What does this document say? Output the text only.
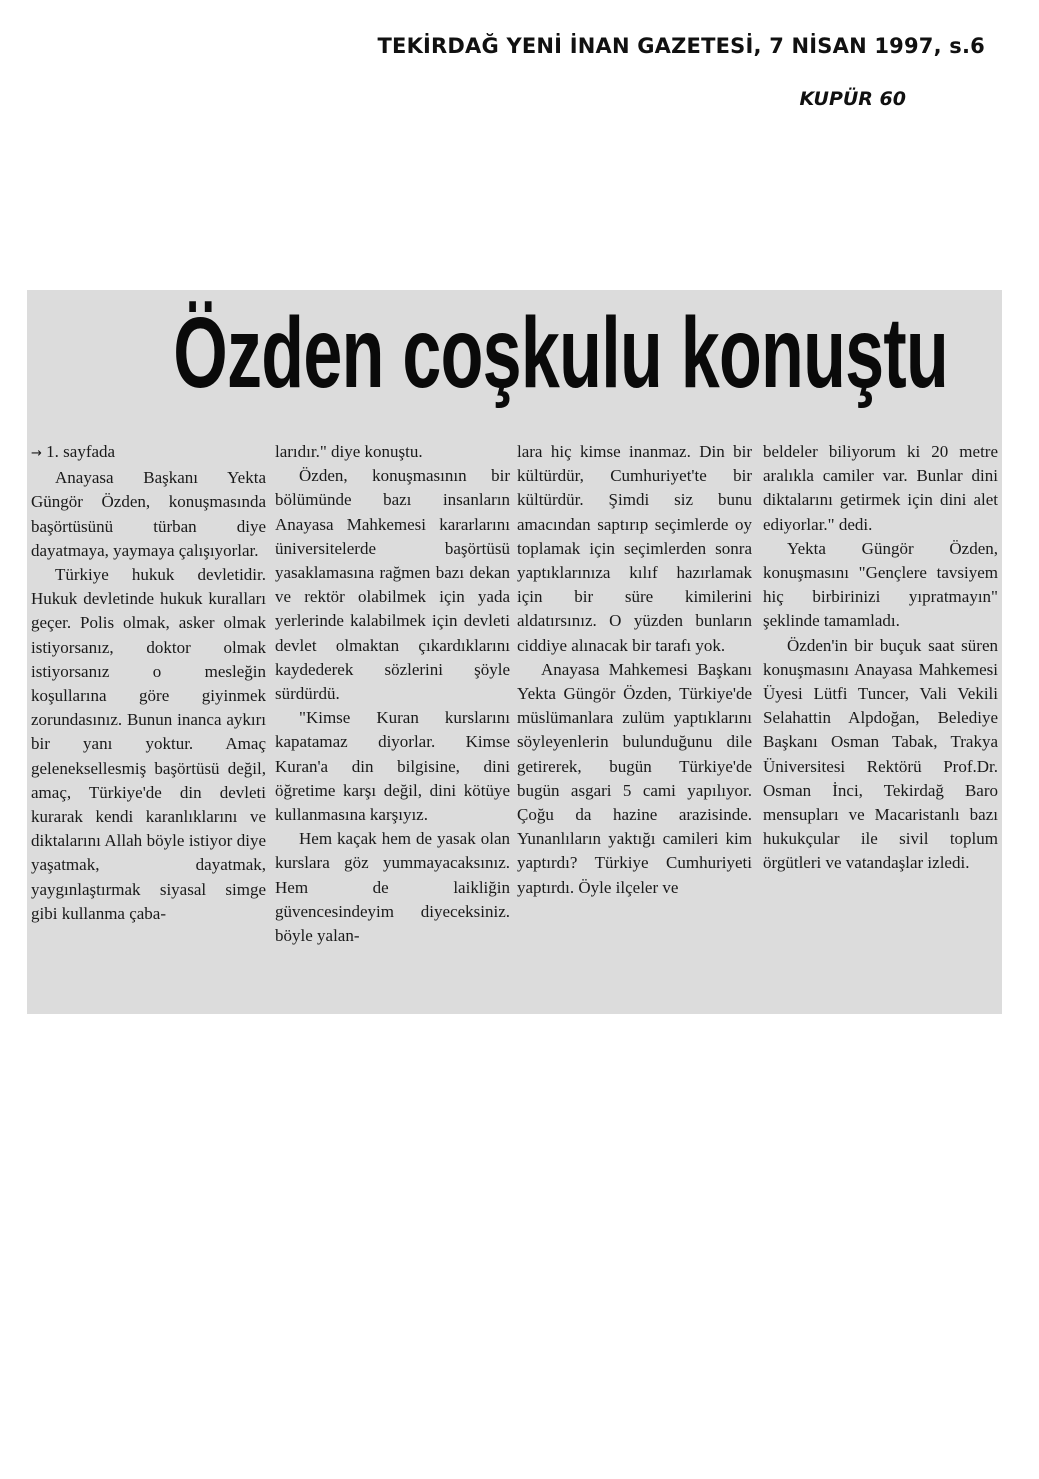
TEKİRDAĞ YENİ İNAN GAZETESİ, 7 NİSAN 1997, s.6
KUPÜR 60
Özden coşkulu konuştu

→ 1. sayfada

Anayasa Başkanı Yekta Güngör Özden, konuşmasında başörtüsünü türban diye dayatmaya, yaymaya çalışıyorlar.

Türkiye hukuk devletidir. Hukuk devletinde hukuk kuralları geçer. Polis olmak, asker olmak istiyorsanız, doktor olmak istiyorsanız o mesleğin koşullarına göre giyinmek zorundasınız. Bunun inanca aykırı bir yanı yoktur. Amaç geleneksellesmiş başörtüsü değil, amaç, Türkiye'de din devleti kurarak kendi karanlıklarını ve diktalarını Allah böyle istiyor diye yaşatmak, dayatmak, yaygınlaştırmak siyasal simge gibi kullanma çaba-

larıdır." diye konuştu.

Özden, konuşmasının bir bölümünde bazı insanların Anayasa Mahkemesi kararlarını üniversitelerde başörtüsü yasaklamasına rağmen bazı dekan ve rektör olabilmek için yada yerlerinde kalabilmek için devleti devlet olmaktan çıkardıklarını kaydederek sözlerini şöyle sürdürdü.

"Kimse Kuran kurslarını kapatamaz diyorlar. Kimse Kuran'a din bilgisine, dini öğretime karşı değil, dini kötüye kullanmasına karşıyız.

Hem kaçak hem de yasak olan kurslara göz yummayacaksınız. Hem de laikliğin güvencesindeyim diyeceksiniz. böyle yalan-

lara hiç kimse inanmaz. Din bir kültürdür, Cumhuriyet'te bir kültürdür. Şimdi siz bunu amacından saptırıp seçimlerde oy toplamak için seçimlerden sonra yaptıklarınıza kılıf hazırlamak için bir süre kimilerini aldatırsınız. O yüzden bunların ciddiye alınacak bir tarafı yok.

Anayasa Mahkemesi Başkanı Yekta Güngör Özden, Türkiye'de müslümanlara zulüm yaptıklarını söyleyenlerin bulunduğunu dile getirerek, bugün Türkiye'de bugün asgari 5 cami yapılıyor. Çoğu da hazine arazisinde. Yunanlıların yaktığı camileri kim yaptırdı? Türkiye Cumhuriyeti yaptırdı. Öyle ilçeler ve

beldeler biliyorum ki 20 metre aralıkla camiler var. Bunlar dini diktalarını getirmek için dini alet ediyorlar." dedi.

Yekta Güngör Özden, konuşmasını "Gençlere tavsiyem hiç birbirinizi yıpratmayın" şeklinde tamamladı.

Özden'in bir buçuk saat süren konuşmasını Anayasa Mahkemesi Üyesi Lütfi Tuncer, Vali Vekili Selahattin Alpdoğan, Belediye Başkanı Osman Tabak, Trakya Üniversitesi Rektörü Prof.Dr. Osman İnci, Tekirdağ Baro mensupları ve Macaristanlı bazı hukukçular ile sivil toplum örgütleri ve vatandaşlar izledi.
